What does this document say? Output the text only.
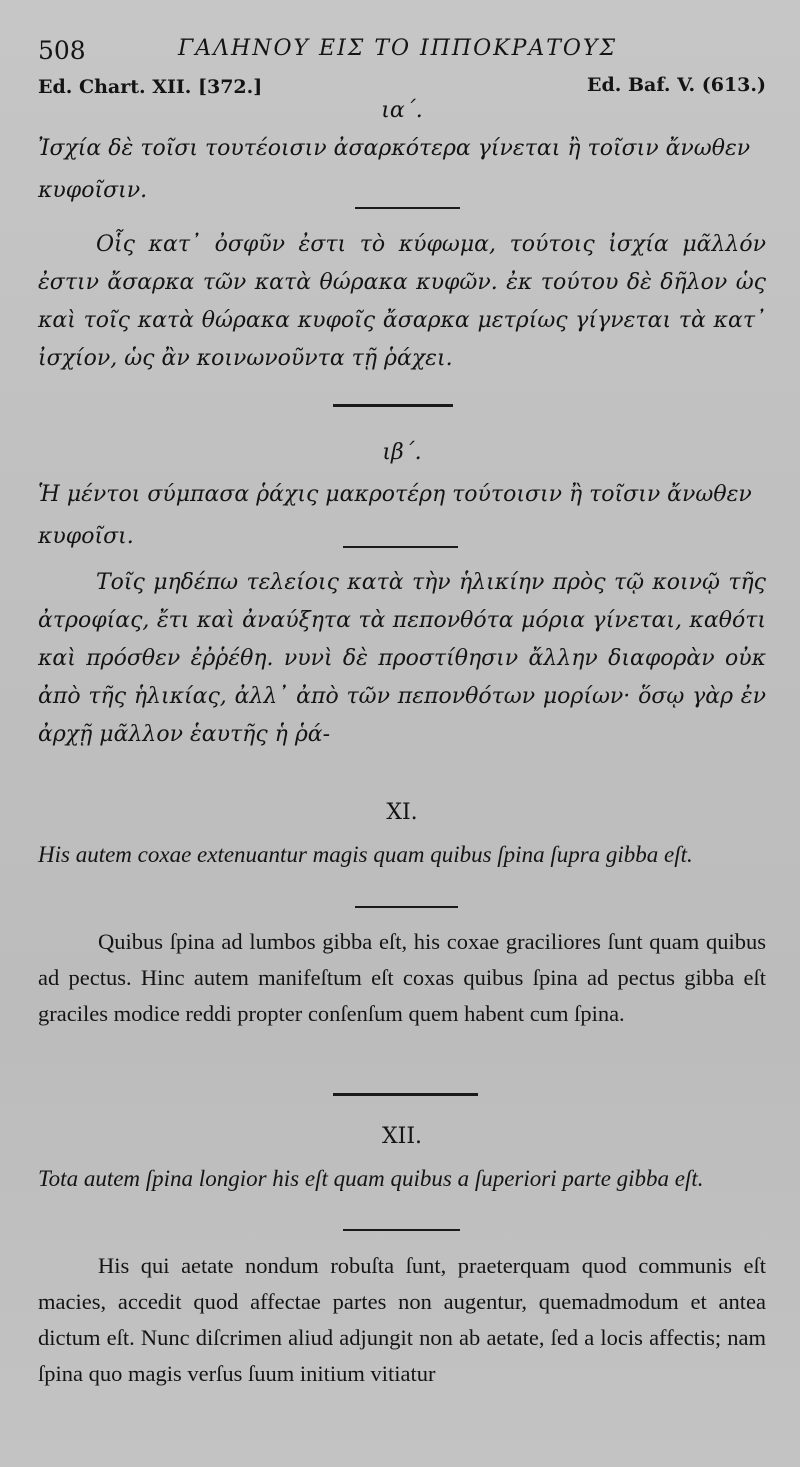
508	ΓΑΛΗΝΟΥ ΕΙΣ ΤΟ ΙΠΠΟΚΡΑΤΟΥΣ
Ed. Chart. XII. [372.]	Ed. Baf. V. (613.)
ια΄.
Ἰσχία δὲ τοῖσι τουτέοισιν ἀσαρκότερα γίνεται ἢ τοῖσιν ἄνωθεν κυφοῖσιν.
Οἷς κατ᾽ ὀσφῦν ἐστι τὸ κύφωμα, τούτοις ἰσχία μᾶλλόν ἐστιν ἄσαρκα τῶν κατὰ θώρακα κυφῶν. ἐκ τούτου δὲ δῆλον ὡς καὶ τοῖς κατὰ θώρακα κυφοῖς ἄσαρκα μετρίως γίγνεται τὰ κατ᾽ ἰσχίον, ὡς ἂν κοινωνοῦντα τῇ ῥάχει.
ιβ΄.
Ἡ μέντοι σύμπασα ῥάχις μακροτέρη τούτοισιν ἢ τοῖσιν ἄνωθεν κυφοῖσι.
Τοῖς μηδέπω τελείοις κατὰ τὴν ἡλικίην πρὸς τῷ κοινῷ τῆς ἀτροφίας, ἔτι καὶ ἀναύξητα τὰ πεπονθότα μόρια γίνεται, καθότι καὶ πρόσθεν ἐῤῥέθη. νυνὶ δὲ προστίθησιν ἄλλην διαφορὰν οὐκ ἀπὸ τῆς ἡλικίας, ἀλλ᾽ ἀπὸ τῶν πεπονθότων μορίων· ὅσῳ γὰρ ἐν ἀρχῇ μᾶλλον ἑαυτῆς ἡ ῥά-
XI.
His autem coxae extenuantur magis quam quibus ſpina ſupra gibba eſt.
Quibus ſpina ad lumbos gibba eſt, his coxae graciliores ſunt quam quibus ad pectus. Hinc autem manifeſtum eſt coxas quibus ſpina ad pectus gibba eſt graciles modice reddi propter conſenſum quem habent cum ſpina.
XII.
Tota autem ſpina longior his eſt quam quibus a ſuperiori parte gibba eſt.
His qui aetate nondum robuſta ſunt, praeterquam quod communis eſt macies, accedit quod affectae partes non augentur, quemadmodum et antea dictum eſt. Nunc diſcrimen aliud adjungit non ab aetate, ſed a locis affectis; nam ſpina quo magis verſus ſuum initium vitiatur
